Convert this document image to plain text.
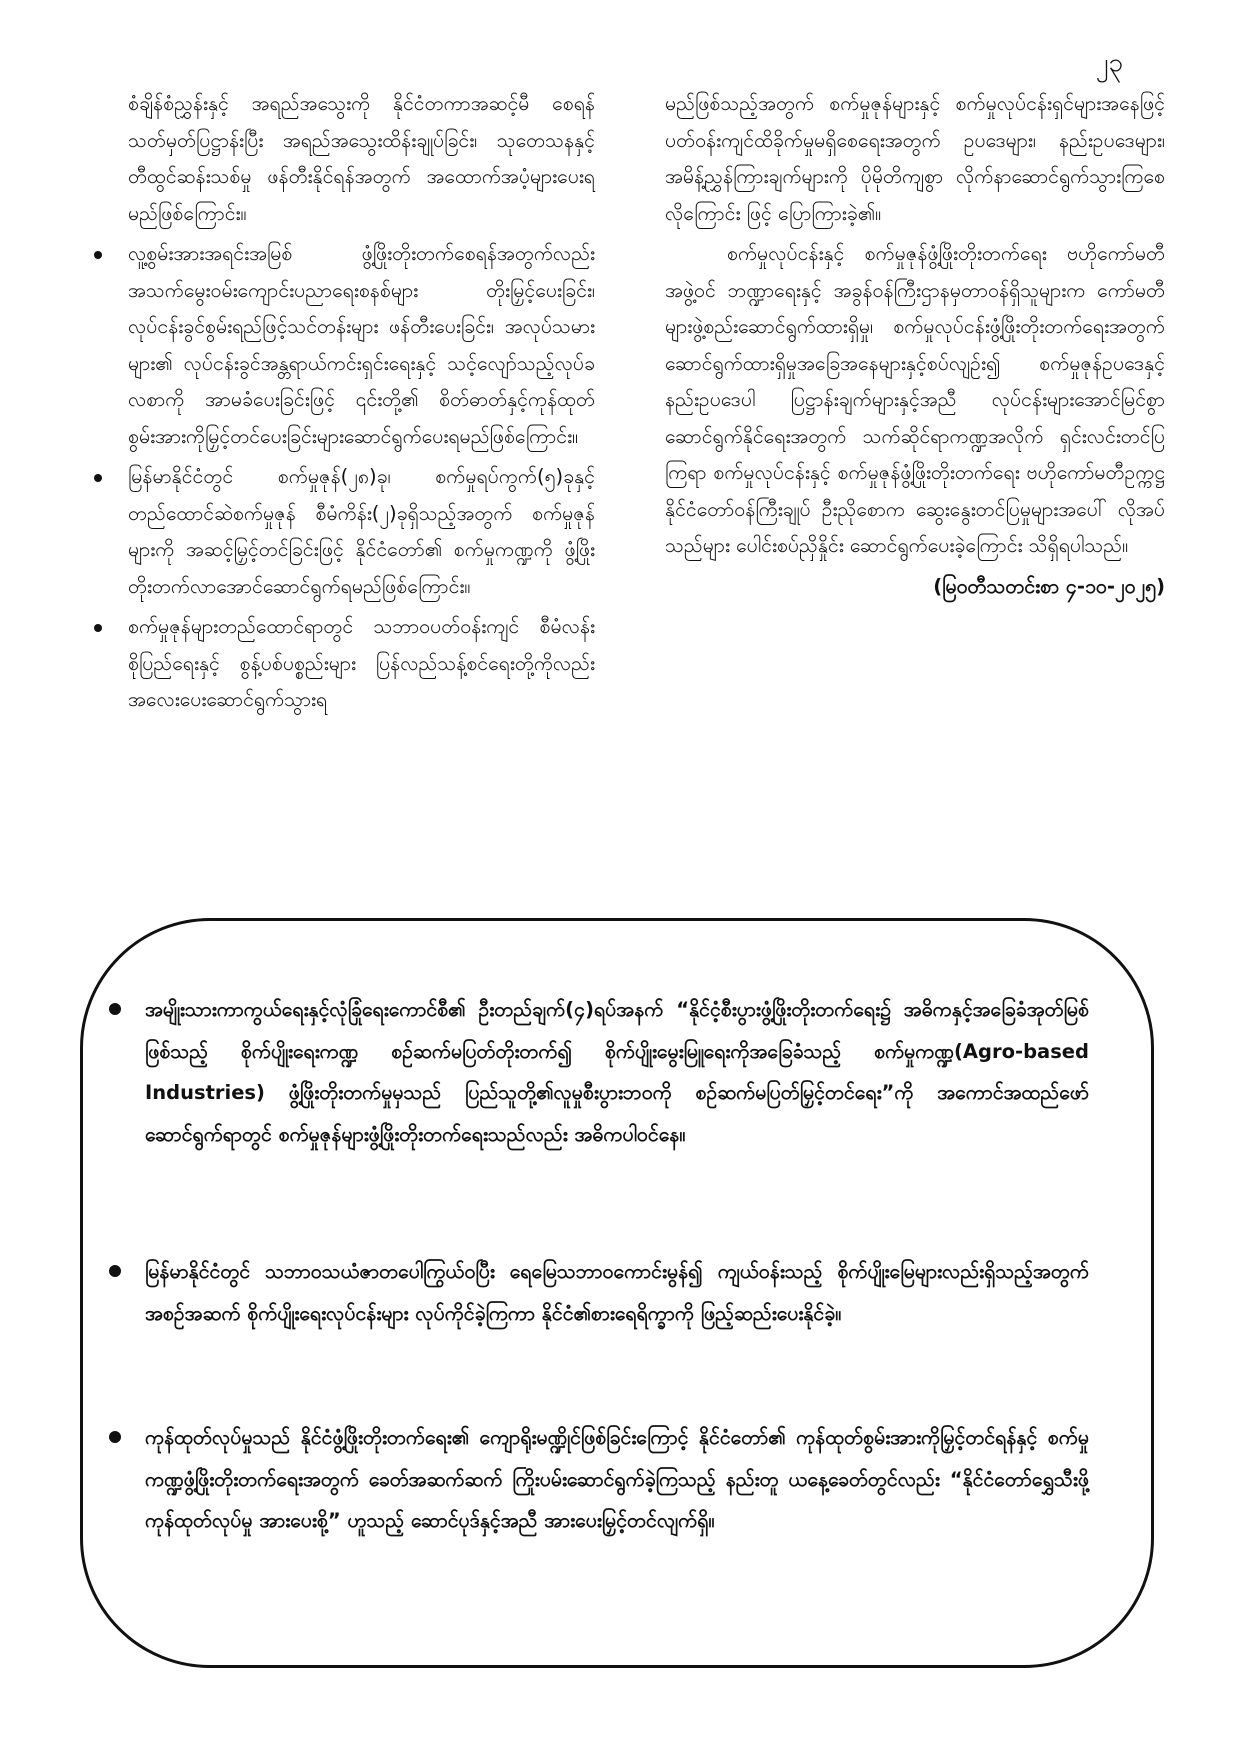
၂၃

စံချိန်စံညွှန်းနှင့် အရည်အသွေးကို နိုင်ငံတကာအဆင့်မီ စေရန် သတ်မှတ်ပြဋ္ဌာန်းပြီး အရည်အသွေးထိန်းချုပ်ခြင်း၊ သုတေသနနှင့်တီထွင်ဆန်းသစ်မှု ဖန်တီးနိုင်ရန်အတွက် အထောက်အပံ့များပေးရမည်ဖြစ်ကြောင်း။

လူ့စွမ်းအားအရင်းအမြစ် ဖွံ့ဖြိုးတိုးတက်စေရန်အတွက်လည်း အသက်မွေးဝမ်းကျောင်းပညာရေးစနစ်များ တိုးမြှင့်ပေးခြင်း၊ လုပ်ငန်းခွင်စွမ်းရည်ဖြင့်သင်တန်းများ ဖန်တီးပေးခြင်း၊ အလုပ်သမားများ၏ လုပ်ငန်းခွင်အန္တရာယ်ကင်းရှင်းရေးနှင့် သင့်လျော်သည့်လုပ်ခလစာကို အာမခံပေးခြင်းဖြင့် ၎င်းတို့၏ စိတ်ဓာတ်နှင့်ကုန်ထုတ်စွမ်းအားကိုမြှင့်တင်ပေးခြင်းများဆောင်ရွက်ပေးရမည်ဖြစ်ကြောင်း။
မြန်မာနိုင်ငံတွင် စက်မှုဇုန်(၂၈)ခု၊ စက်မှုရပ်ကွက်(၅)ခုနှင့် တည်ထောင်ဆဲစက်မှုဇုန် စီမံကိန်း(၂)ခုရှိသည့်အတွက် စက်မှုဇုန်များကို အဆင့်မြှင့်တင်ခြင်းဖြင့် နိုင်ငံတော်၏ စက်မှုကဏ္ဍကို ဖွံ့ဖြိုးတိုးတက်လာအောင်ဆောင်ရွက်ရမည်ဖြစ်ကြောင်း။
စက်မှုဇုန်များတည်ထောင်ရာတွင် သဘာဝပတ်ဝန်းကျင် စီမံလန်းစိုပြည်ရေးနှင့် စွန့်ပစ်ပစ္စည်းများ ပြန်လည်သန့်စင်ရေးတို့ကိုလည်း အလေးပေးဆောင်ရွက်သွားရ

မည်ဖြစ်သည့်အတွက် စက်မှုဇုန်များနှင့် စက်မှုလုပ်ငန်းရှင်များအနေဖြင့် ပတ်ဝန်းကျင်ထိခိုက်မှုမရှိစေရေးအတွက် ဥပဒေများ၊ နည်းဥပဒေများ၊ အမိန့်ညွှန်ကြားချက်များကို ပိုမိုတိကျစွာ လိုက်နာဆောင်ရွက်သွားကြစေလိုကြောင်း ဖြင့် ပြောကြားခဲ့၏။

စက်မှုလုပ်ငန်းနှင့် စက်မှုဇုန်ဖွံ့ဖြိုးတိုးတက်ရေး ဗဟိုကော်မတီအဖွဲ့ဝင် ဘဏ္ဍာရေးနှင့် အခွန်ဝန်ကြီးဌာနမှတာဝန်ရှိသူများက ကော်မတီများဖွဲ့စည်းဆောင်ရွက်ထားရှိမှု၊ စက်မှုလုပ်ငန်းဖွံ့ဖြိုးတိုးတက်ရေးအတွက် ဆောင်ရွက်ထားရှိမှုအခြေအနေများနှင့်စပ်လျဉ်း၍ စက်မှုဇုန်ဥပဒေနှင့်နည်းဥပဒေပါ ပြဋ္ဌာန်းချက်များနှင့်အညီ လုပ်ငန်းများအောင်မြင်စွာဆောင်ရွက်နိုင်ရေးအတွက် သက်ဆိုင်ရာကဏ္ဍအလိုက် ရှင်းလင်းတင်ပြကြရာ စက်မှုလုပ်ငန်းနှင့် စက်မှုဇုန်ဖွံ့ဖြိုးတိုးတက်ရေး ဗဟိုကော်မတီဥက္ကဋ္ဌ နိုင်ငံတော်ဝန်ကြီးချုပ် ဦးညိုစောက ဆွေးနွေးတင်ပြမှုများအပေါ် လိုအပ်သည်များ ပေါင်းစပ်ညှိနှိုင်း ဆောင်ရွက်ပေးခဲ့ကြောင်း သိရှိရပါသည်။

(မြဝတီသတင်းစာ ၄-၁၀-၂၀၂၅)
အမျိုးသားကာကွယ်ရေးနှင့်လုံခြုံရေးကောင်စီ၏ ဦးတည်ချက်(၄)ရပ်အနက် “နိုင်ငံ့စီးပွားဖွံ့ဖြိုးတိုးတက်ရေး၌ အဓိကနှင့်အခြေခံအုတ်မြစ်ဖြစ်သည့် စိုက်ပျိုးရေးကဏ္ဍ စဉ်ဆက်မပြတ်တိုးတက်၍ စိုက်ပျိုးမွေးမြူရေးကိုအခြေခံသည့် စက်မှုကဏ္ဍ(Agro-based Industries) ဖွံ့ဖြိုးတိုးတက်မှုမှသည် ပြည်သူတို့၏လူမှုစီးပွားဘဝကို စဉ်ဆက်မပြတ်မြှင့်တင်ရေး”ကို အကောင်အထည်ဖော် ဆောင်ရွက်ရာတွင် စက်မှုဇုန်များဖွံ့ဖြိုးတိုးတက်ရေးသည်လည်း အဓိကပါဝင်နေ။
မြန်မာနိုင်ငံတွင် သဘာဝသယံဇာတပေါကြွယ်ဝပြီး ရေမြေသဘာဝကောင်းမွန်၍ ကျယ်ဝန်းသည့် စိုက်ပျိုးမြေများလည်းရှိသည့်အတွက် အစဉ်အဆက် စိုက်ပျိုးရေးလုပ်ငန်းများ လုပ်ကိုင်ခဲ့ကြကာ နိုင်ငံ၏စားရေရိက္ခာကို ဖြည့်ဆည်းပေးနိုင်ခဲ့။
ကုန်ထုတ်လုပ်မှုသည် နိုင်ငံဖွံ့ဖြိုးတိုးတက်ရေး၏ ကျောရိုးမဏ္ဍိုင်ဖြစ်ခြင်းကြောင့် နိုင်ငံတော်၏ ကုန်ထုတ်စွမ်းအားကိုမြှင့်တင်ရန်နှင့် စက်မှုကဏ္ဍဖွံ့ဖြိုးတိုးတက်ရေးအတွက် ခေတ်အဆက်ဆက် ကြိုးပမ်းဆောင်ရွက်ခဲ့ကြသည့် နည်းတူ ယနေ့ခေတ်တွင်လည်း “နိုင်ငံတော်ရွှေသီးဖို့ ကုန်ထုတ်လုပ်မှု အားပေးစို့” ဟူသည့် ဆောင်ပုဒ်နှင့်အညီ အားပေးမြှင့်တင်လျက်ရှိ။
